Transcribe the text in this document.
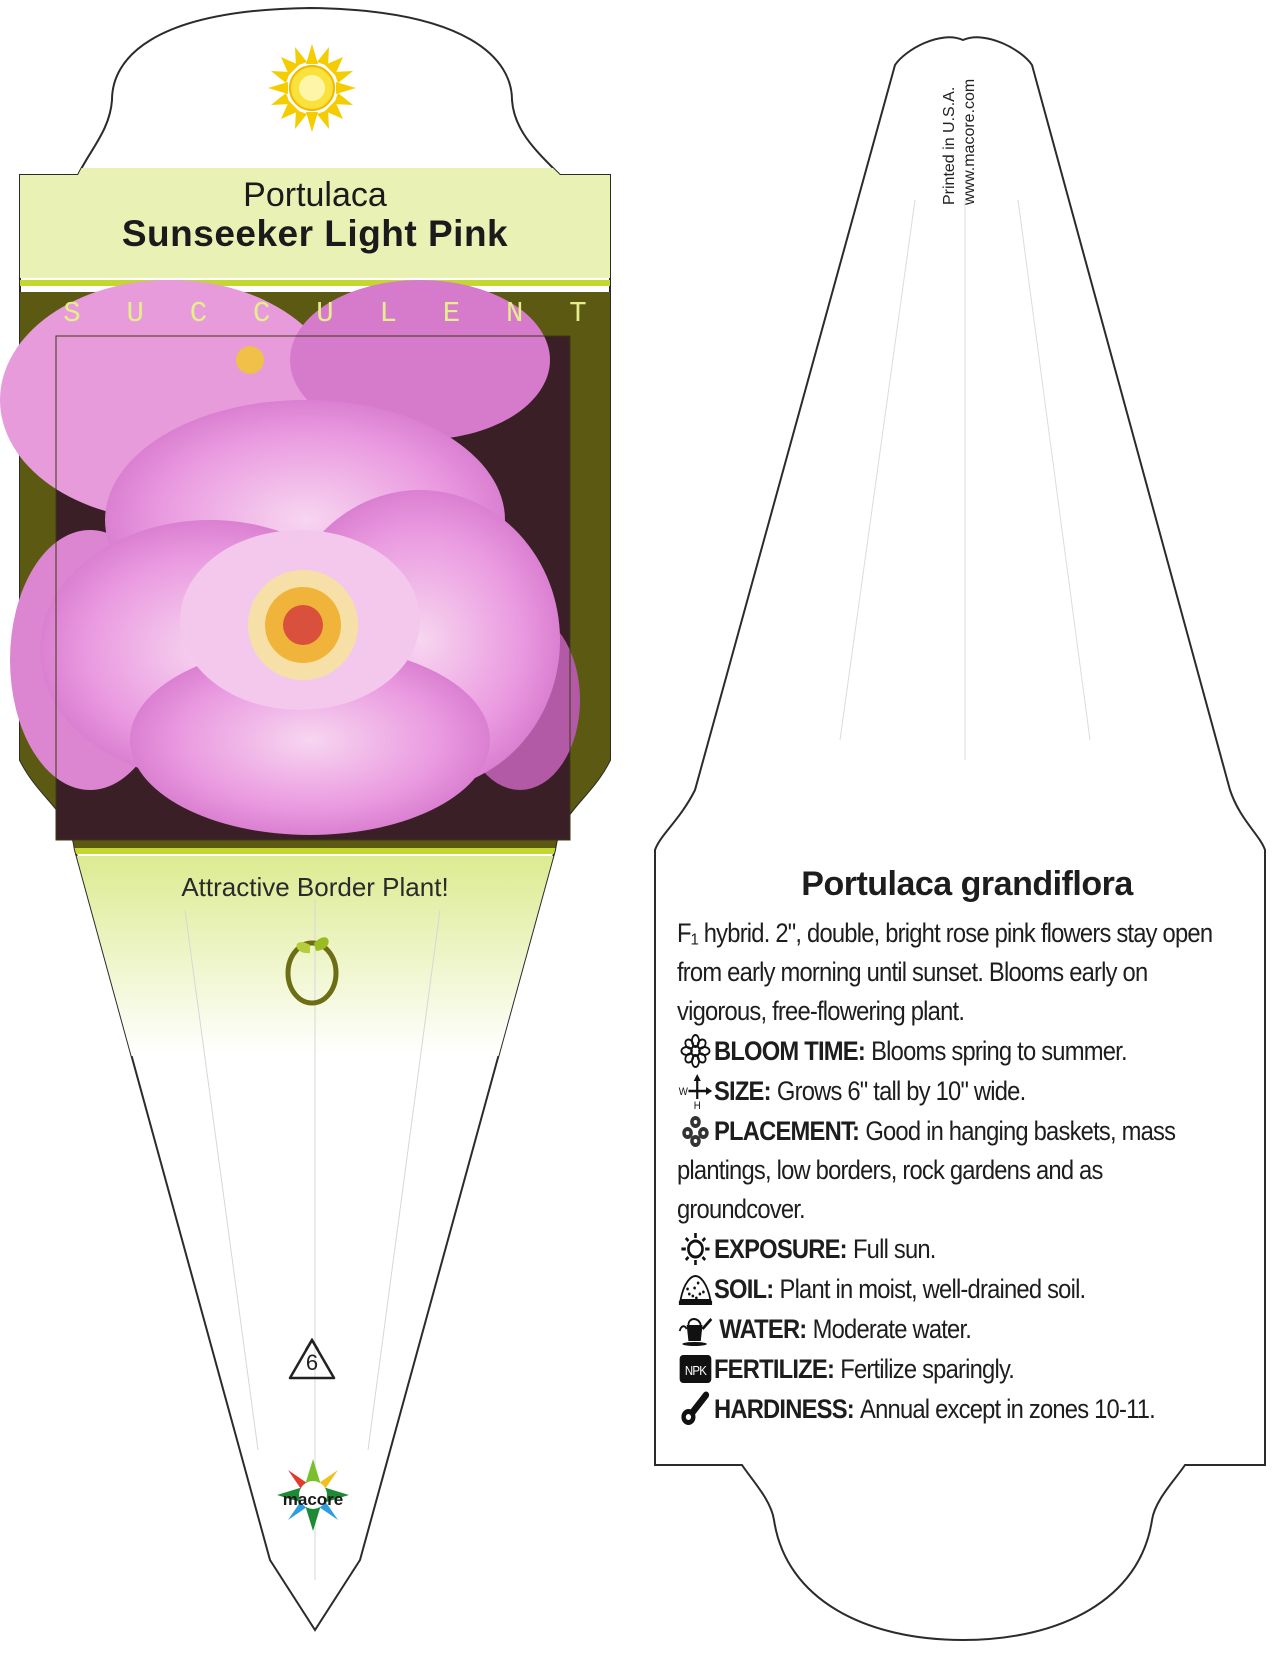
Portulaca
Sunseeker Light Pink
S U C C U L E N T
Attractive Border Plant!
6
macore
Printed in U.S.A. www.macore.com
Portulaca grandiflora
F₁ hybrid. 2", double, bright rose pink flowers stay open
from early morning until sunset. Blooms early on
vigorous, free-flowering plant.
BLOOM TIME: Blooms spring to summer.
W
H
SIZE: Grows 6" tall by 10" wide.
PLACEMENT: Good in hanging baskets, mass
plantings, low borders, rock gardens and as
groundcover.
EXPOSURE: Full sun.
SOIL: Plant in moist, well-drained soil.
WATER: Moderate water.
NPK FERTILIZE: Fertilize sparingly.
HARDINESS: Annual except in zones 10-11.
